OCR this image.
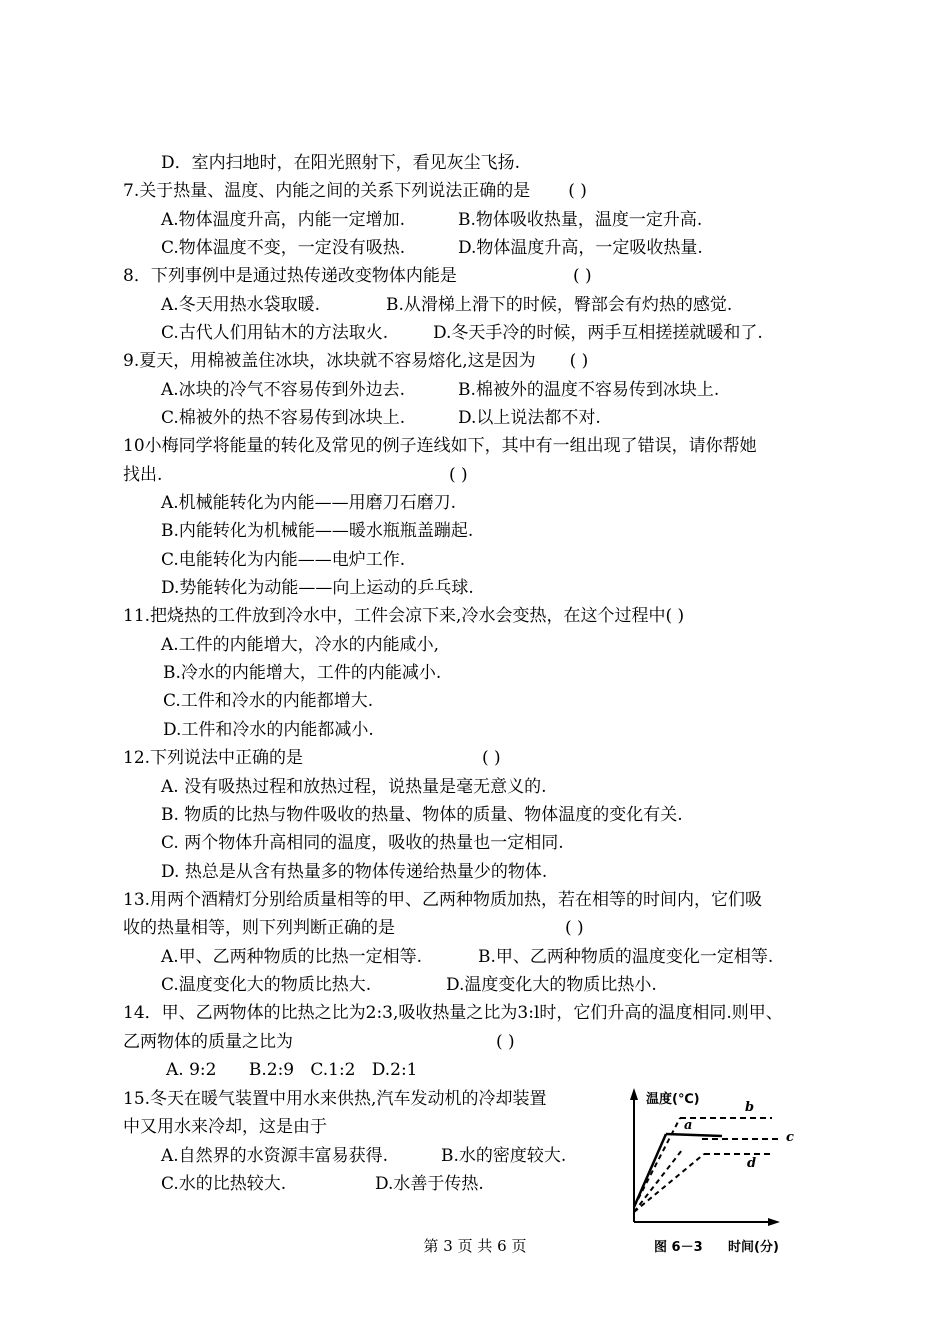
D．室内扫地时，在阳光照射下，看见灰尘飞扬.
7.关于热量、温度、内能之间的关系下列说法正确的是 ( )
A.物体温度升高，内能一定增加.	B.物体吸收热量，温度一定升高.
C.物体温度不变，一定没有吸热.	D.物体温度升高，一定吸收热量.
8．下列事例中是通过热传递改变物体内能是	( )
A.冬天用热水袋取暖.	B.从滑梯上滑下的时候，臀部会有灼热的感觉.
C.古代人们用钻木的方法取火.	D.冬天手冷的时候，两手互相搓搓就暖和了.
9.夏天，用棉被盖住冰块，冰块就不容易熔化,这是因为 ( )
A.冰块的冷气不容易传到外边去.	B.棉被外的温度不容易传到冰块上.
C.棉被外的热不容易传到冰块上.	D.以上说法都不对.
10小梅同学将能量的转化及常见的例子连线如下，其中有一组出现了错误，请你帮她
找出.	( )
A.机械能转化为内能——用磨刀石磨刀.
B.内能转化为机械能——暖水瓶瓶盖蹦起.
C.电能转化为内能——电炉工作.
D.势能转化为动能——向上运动的乒乓球.
11.把烧热的工件放到冷水中，工件会凉下来,冷水会变热，在这个过程中( )
A.工件的内能增大，冷水的内能咸小,
B.冷水的内能增大，工件的内能减小.
C.工件和冷水的内能都增大.
D.工件和冷水的内能都减小.
12.下列说法中正确的是	( )
A. 没有吸热过程和放热过程，说热量是毫无意义的.
B. 物质的比热与物件吸收的热量、物体的质量、物体温度的变化有关.
C. 两个物体升高相同的温度，吸收的热量也一定相同.
D. 热总是从含有热量多的物体传递给热量少的物体.
13.用两个酒精灯分别给质量相等的甲、乙两种物质加热，若在相等的时间内，它们吸
收的热量相等，则下列判断正确的是	( )
A.甲、乙两种物质的比热一定相等.	B.甲、乙两种物质的温度变化一定相等.
C.温度变化大的物质比热大.	D.温度变化大的物质比热小.
14．甲、乙两物体的比热之比为2:3,吸收热量之比为3:l时，它们升高的温度相同.则甲、
乙两物体的质量之比为	( )
A. 9:2      B.2:9   C.1:2   D.2:1
15.冬天在暖气装置中用水来供热,汽车发动机的冷却装置
中又用水来冷却，这是由于
A.自然界的水资源丰富易获得.	B.水的密度较大.
C.水的比热较大.	D.水善于传热.
温度(℃)
b
a
c
d
图 6－3 时间(分)
第 3 页 共 6 页
